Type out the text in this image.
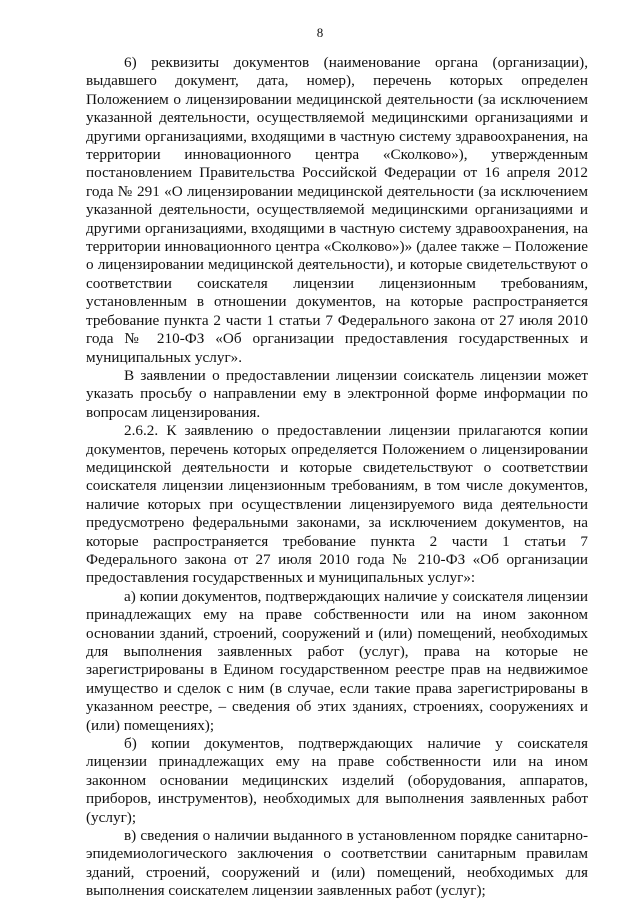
8

6) реквизиты документов (наименование органа (организации), выдавшего документ, дата, номер), перечень которых определен Положением о лицензировании медицинской деятельности (за исключением указанной деятельности, осуществляемой медицинскими организациями и другими организациями, входящими в частную систему здравоохранения, на территории инновационного центра «Сколково»), утвержденным постановлением Правительства Российской Федерации от 16 апреля 2012 года № 291 «О лицензировании медицинской деятельности (за исключением указанной деятельности, осуществляемой медицинскими организациями и другими организациями, входящими в частную систему здравоохранения, на территории инновационного центра «Сколково»)» (далее также – Положение о лицензировании медицинской деятельности), и которые свидетельствуют о соответствии соискателя лицензии лицензионным требованиям, установленным в отношении документов, на которые распространяется требование пункта 2 части 1 статьи 7 Федерального закона от 27 июля 2010 года № 210-ФЗ «Об организации предоставления государственных и муниципальных услуг».

В заявлении о предоставлении лицензии соискатель лицензии может указать просьбу о направлении ему в электронной форме информации по вопросам лицензирования.

2.6.2. К заявлению о предоставлении лицензии прилагаются копии документов, перечень которых определяется Положением о лицензировании медицинской деятельности и которые свидетельствуют о соответствии соискателя лицензии лицензионным требованиям, в том числе документов, наличие которых при осуществлении лицензируемого вида деятельности предусмотрено федеральными законами, за исключением документов, на которые распространяется требование пункта 2 части 1 статьи 7 Федерального закона от 27 июля 2010 года № 210-ФЗ «Об организации предоставления государственных и муниципальных услуг»:

а) копии документов, подтверждающих наличие у соискателя лицензии принадлежащих ему на праве собственности или на ином законном основании зданий, строений, сооружений и (или) помещений, необходимых для выполнения заявленных работ (услуг), права на которые не зарегистрированы в Едином государственном реестре прав на недвижимое имущество и сделок с ним (в случае, если такие права зарегистрированы в указанном реестре, – сведения об этих зданиях, строениях, сооружениях и (или) помещениях);

б) копии документов, подтверждающих наличие у соискателя лицензии принадлежащих ему на праве собственности или на ином законном основании медицинских изделий (оборудования, аппаратов, приборов, инструментов), необходимых для выполнения заявленных работ (услуг);

в) сведения о наличии выданного в установленном порядке санитарно-эпидемиологического заключения о соответствии санитарным правилам зданий, строений, сооружений и (или) помещений, необходимых для выполнения соискателем лицензии заявленных работ (услуг);
